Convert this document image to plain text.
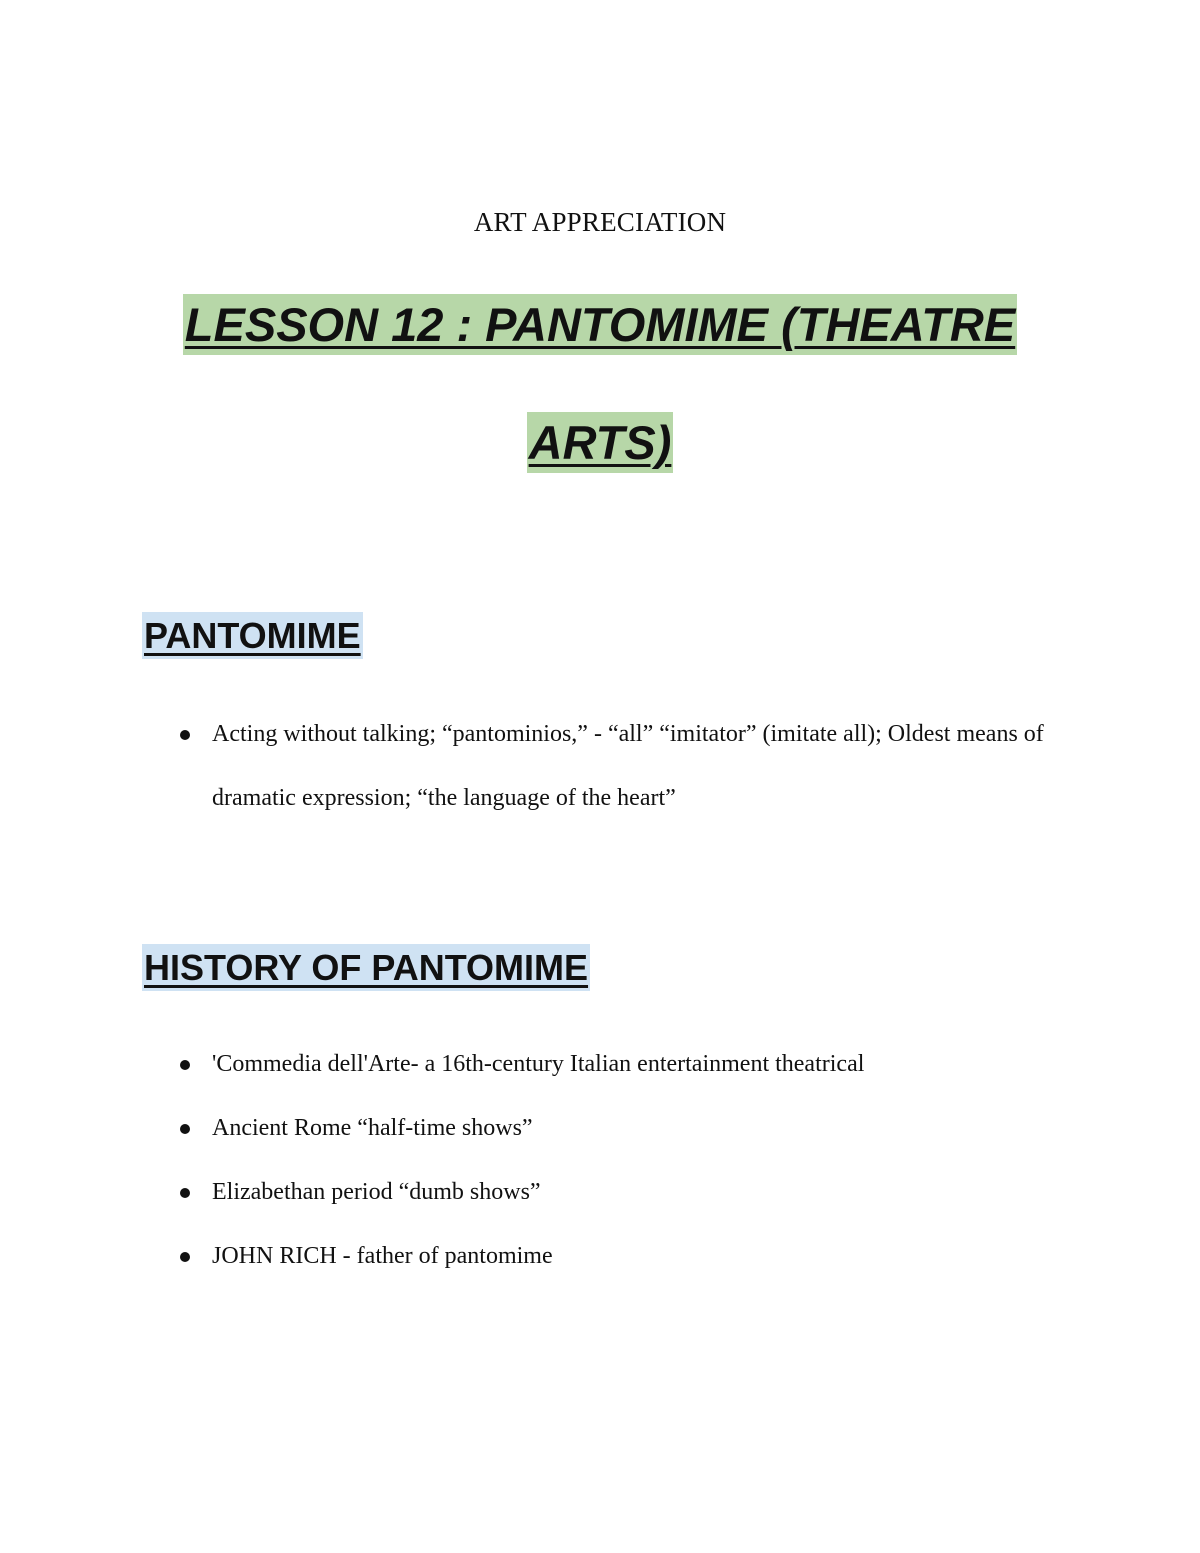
ART APPRECIATION
LESSON 12 : PANTOMIME (THEATRE ARTS)
PANTOMIME
Acting without talking; “pantominios,” - “all” “imitator” (imitate all); Oldest means of dramatic expression; “the language of the heart”
HISTORY OF PANTOMIME
'Commedia dell'Arte- a 16th-century Italian entertainment theatrical
Ancient Rome “half-time shows”
Elizabethan period “dumb shows”
JOHN RICH - father of pantomime
